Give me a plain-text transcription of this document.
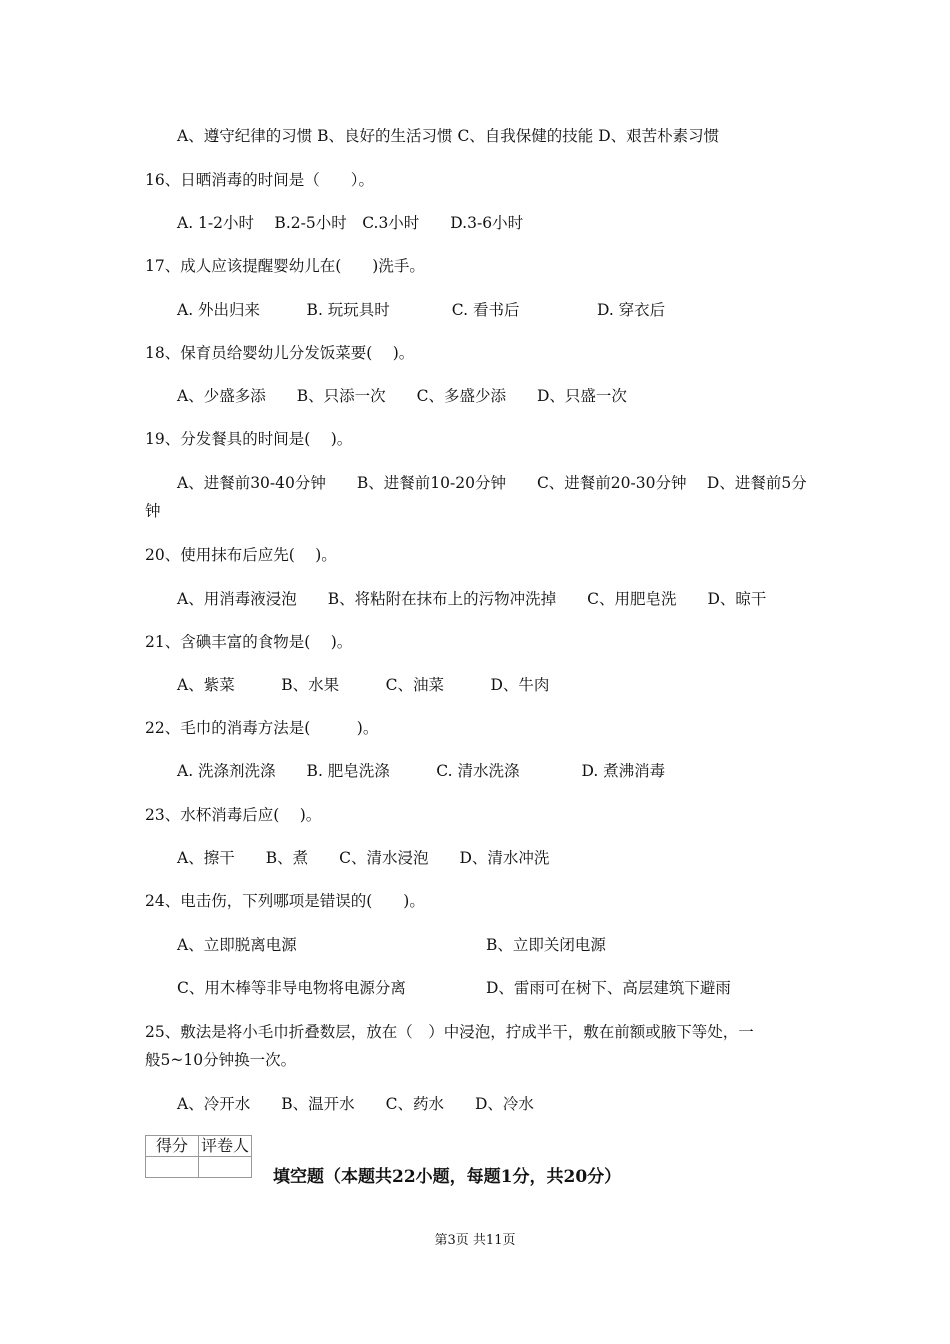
A、遵守纪律的习惯 B、良好的生活习惯 C、自我保健的技能 D、艰苦朴素习惯
16、日晒消毒的时间是（　　）。
A. 1-2小时　 B.2-5小时　C.3小时　　D.3-6小时
17、成人应该提醒婴幼儿在(　　)洗手。
A. 外出归来　　　B. 玩玩具时　　　　C. 看书后　　　　　D. 穿衣后
18、保育员给婴幼儿分发饭菜要(　 )。
A、少盛多添　　B、只添一次　　C、多盛少添　　D、只盛一次
19、分发餐具的时间是(　 )。
A、进餐前30-40分钟　　B、进餐前10-20分钟　　C、进餐前20-30分钟　 D、进餐前5分
钟
20、使用抹布后应先(　 )。
A、用消毒液浸泡　　B、将粘附在抹布上的污物冲洗掉　　C、用肥皂洗　　D、晾干
21、含碘丰富的食物是(　 )。
A、紫菜　　　B、水果　　　C、油菜　　　D、牛肉
22、毛巾的消毒方法是(　　　)。
A. 洗涤剂洗涤　　B. 肥皂洗涤　　　C. 清水洗涤　　　　D. 煮沸消毒
23、水杯消毒后应(　 )。
A、擦干　　B、煮　　C、清水浸泡　　D、清水冲洗
24、电击伤，下列哪项是错误的(　　)。
A、立即脱离电源	B、立即关闭电源
C、用木棒等非导电物将电源分离	D、雷雨可在树下、高层建筑下避雨
25、敷法是将小毛巾折叠数层，放在（　）中浸泡，拧成半干，敷在前额或腋下等处，一
般5~10分钟换一次。
A、冷开水　　B、温开水　　C、药水　　D、冷水
得分	评卷人

填空题（本题共22小题，每题1分，共20分）
第3页 共11页
